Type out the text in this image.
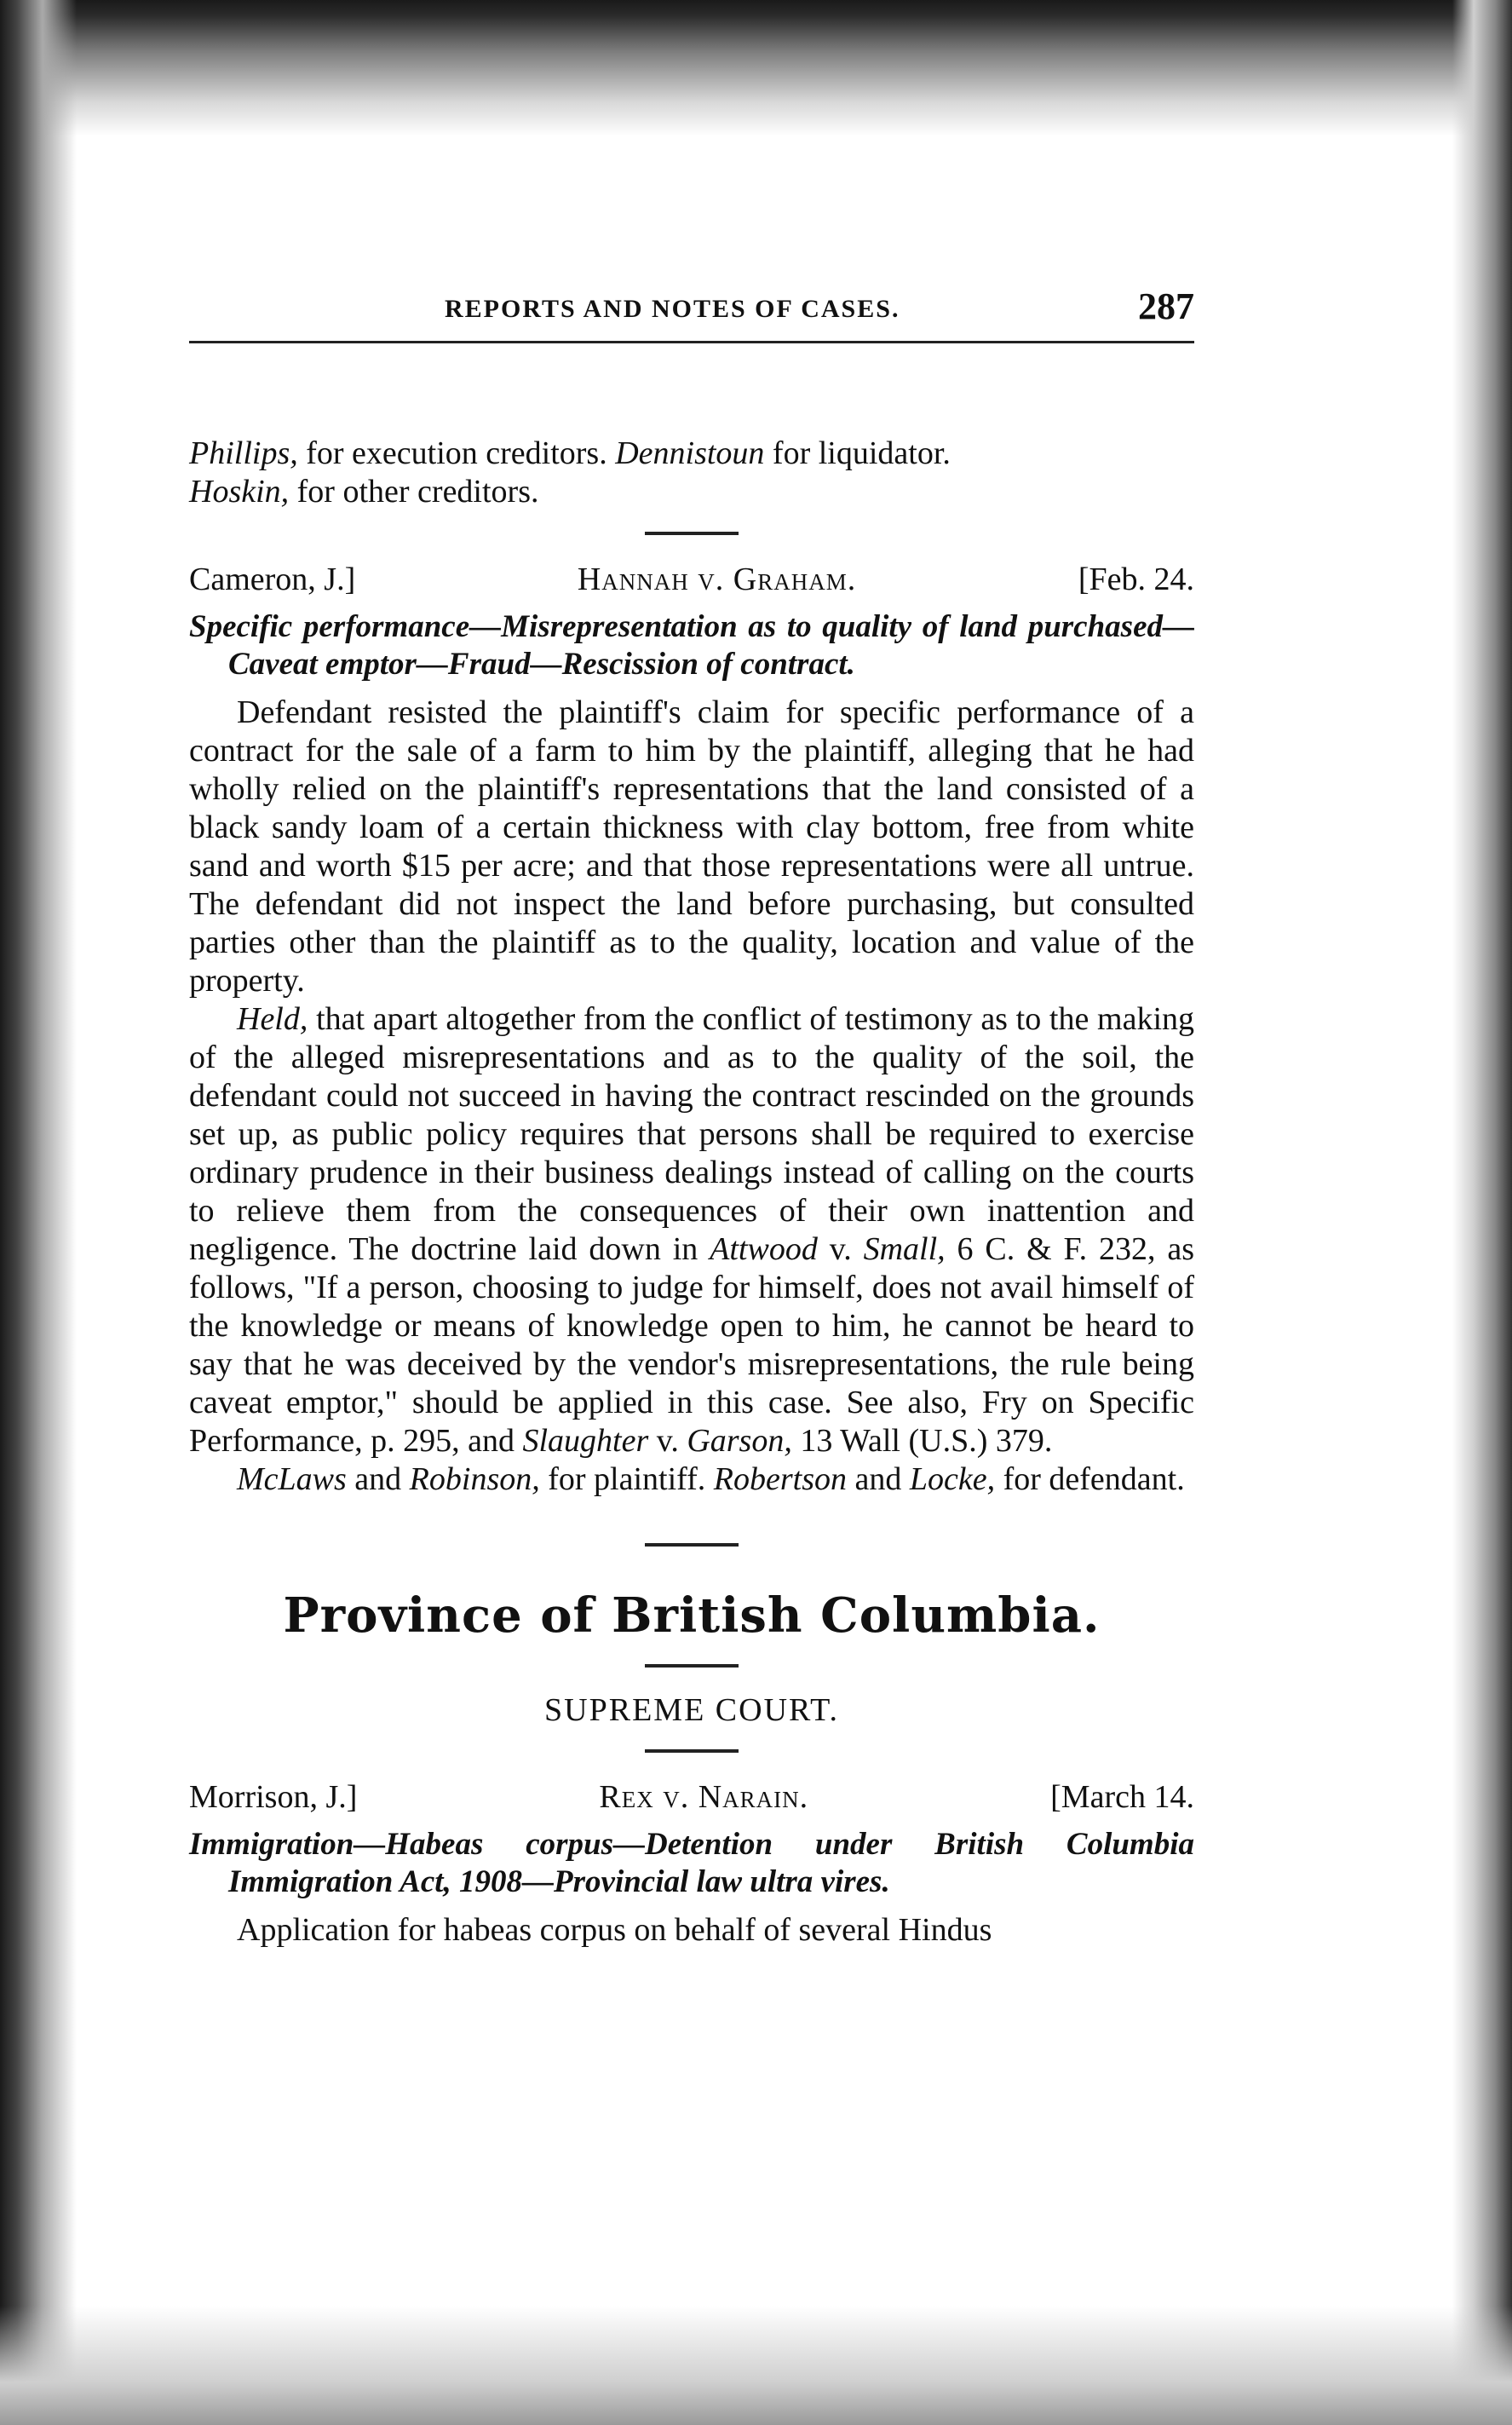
REPORTS AND NOTES OF CASES.	287

Phillips, for execution creditors. Dennistoun for liquidator.

Hoskin, for other creditors.

Cameron, J.]	Hannah v. Graham.	[Feb. 24.
Specific performance—Misrepresentation as to quality of land purchased—Caveat emptor—Fraud—Rescission of contract.

Defendant resisted the plaintiff's claim for specific performance of a contract for the sale of a farm to him by the plaintiff, alleging that he had wholly relied on the plaintiff's representations that the land consisted of a black sandy loam of a certain thickness with clay bottom, free from white sand and worth $15 per acre; and that those representations were all untrue. The defendant did not inspect the land before purchasing, but consulted parties other than the plaintiff as to the quality, location and value of the property.

Held, that apart altogether from the conflict of testimony as to the making of the alleged misrepresentations and as to the quality of the soil, the defendant could not succeed in having the contract rescinded on the grounds set up, as public policy requires that persons shall be required to exercise ordinary prudence in their business dealings instead of calling on the courts to relieve them from the consequences of their own inattention and negligence. The doctrine laid down in Attwood v. Small, 6 C. & F. 232, as follows, "If a person, choosing to judge for himself, does not avail himself of the knowledge or means of knowledge open to him, he cannot be heard to say that he was deceived by the vendor's misrepresentations, the rule being caveat emptor," should be applied in this case. See also, Fry on Specific Performance, p. 295, and Slaughter v. Garson, 13 Wall (U.S.) 379.

McLaws and Robinson, for plaintiff. Robertson and Locke, for defendant.

Province of British Columbia.
SUPREME COURT.
Morrison, J.]	Rex v. Narain.	[March 14.
Immigration—Habeas corpus—Detention under British Columbia Immigration Act, 1908—Provincial law ultra vires.

Application for habeas corpus on behalf of several Hindus
